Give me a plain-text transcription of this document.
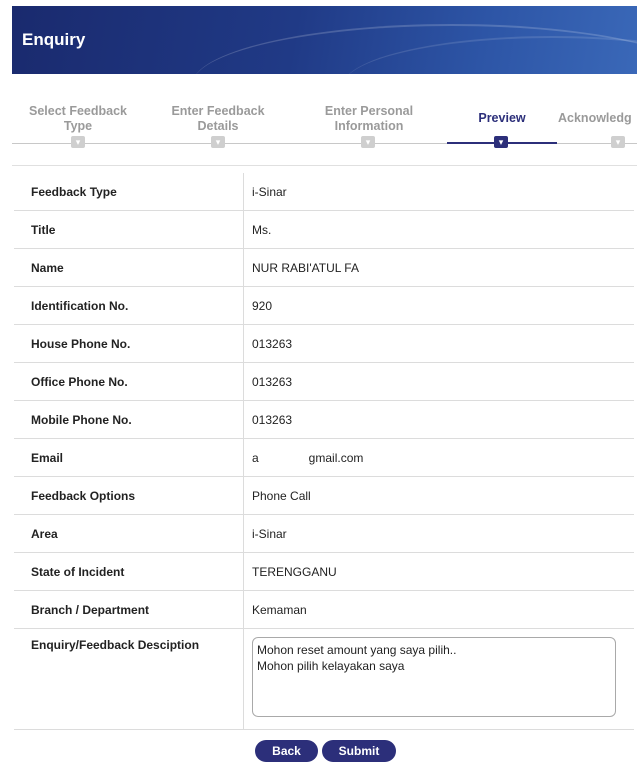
Enquiry
Select Feedback Type
▾
Enter Feedback Details
▾
Enter Personal Information
▾
Preview
▾
Acknowledg
▾
Feedback Type	i-Sinar
Title	Ms.
Name	NUR RABI'ATUL FA
Identification No.	920
House Phone No.	013263
Office Phone No.	013263
Mobile Phone No.	013263
Email	a               gmail.com
Feedback Options	Phone Call
Area	i-Sinar
State of Incident	TERENGGANU
Branch / Department	Kemaman
Enquiry/Feedback Desciption	Mohon reset amount yang saya pilih..
Mohon pilih kelayakan saya
Back	Submit
